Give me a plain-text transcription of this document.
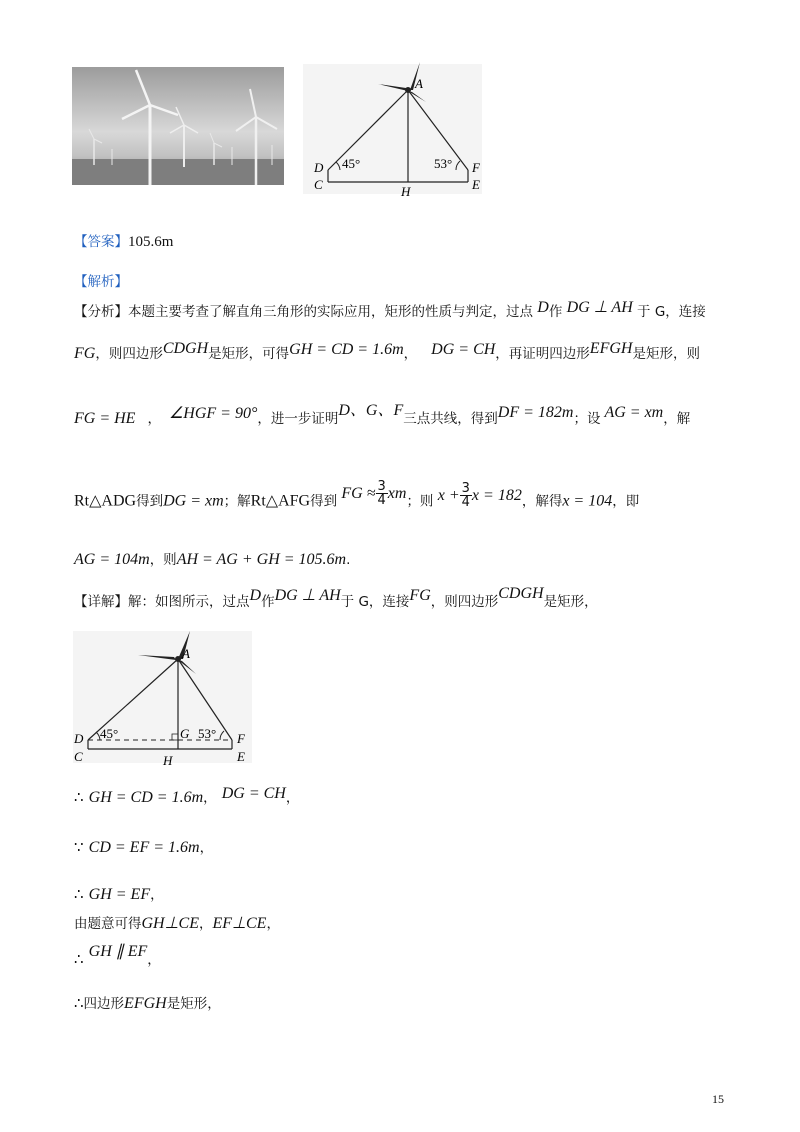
A
D
C
F
E
H
45°	53°
【答案】105.6m
【解析】
【分析】本题主要考查了解直角三角形的实际应用，矩形的性质与判定，过点 D作 DG ⊥ AH 于 G，连接
FG，则四边形CDGH是矩形，可得GH = CD = 1.6m， DG = CH，再证明四边形EFGH是矩形，则
FG = HE ， ∠HGF = 90°，进一步证明D、G、F三点共线，得到DF = 182m；设 AG = xm，解
Rt△ADG得到DG = xm；解Rt△AFG得到 FG ≈ $\frac{3}{4}$ xm；则 $x + \frac{3}{4}$ x = 182，解得x = 104，即
AG = 104m，则AH = AG + GH = 105.6m.
【详解】解：如图所示，过点D作DG ⊥ AH于 G，连接FG，则四边形CDGH是矩形，
A
D
C
F
E
H
G
45°	53°
∴ GH = CD = 1.6m， DG = CH，
∵ CD = EF = 1.6m，
∴ GH = EF，
由题意可得GH⊥CE，EF⊥CE，
∴ GH ∥ $EF_,$
∴四边形EFGH是矩形，
15
